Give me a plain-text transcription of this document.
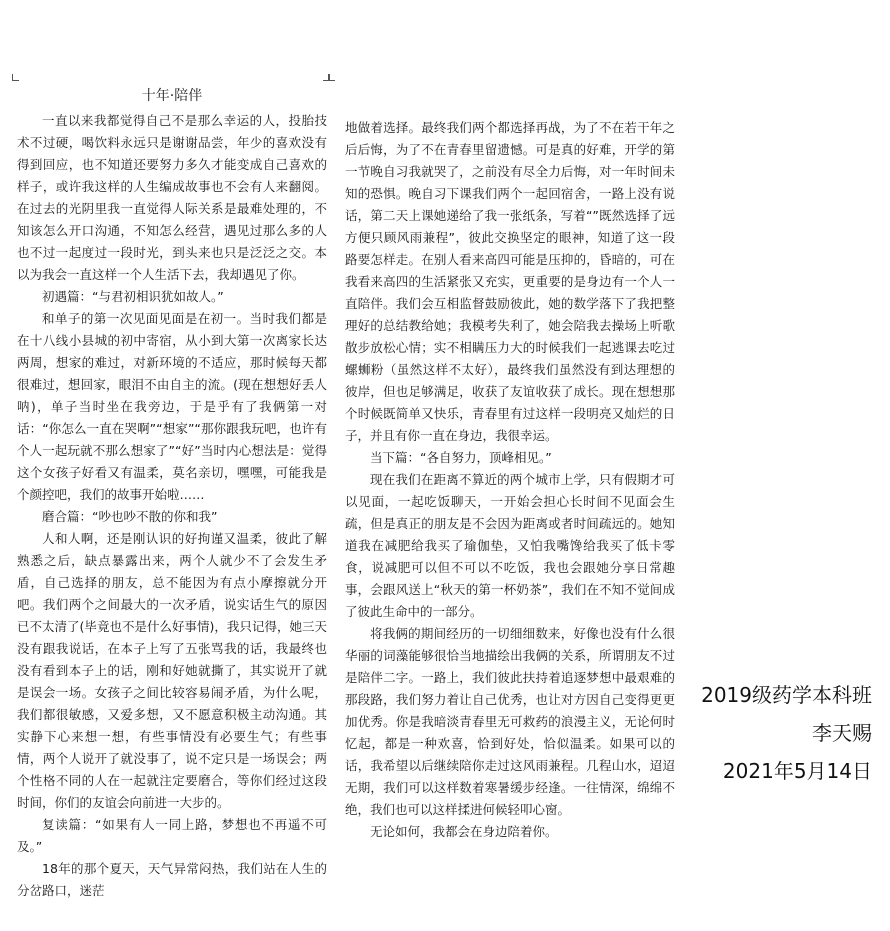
十年·陪伴

一直以来我都觉得自己不是那么幸运的人，投胎技术不过硬，喝饮料永远只是谢谢品尝，年少的喜欢没有得到回应，也不知道还要努力多久才能变成自己喜欢的样子，或许我这样的人生编成故事也不会有人来翻阅。在过去的光阴里我一直觉得人际关系是最难处理的，不知该怎么开口沟通，不知怎么经营，遇见过那么多的人也不过一起度过一段时光，到头来也只是泛泛之交。本以为我会一直这样一个人生活下去，我却遇见了你。

初遇篇：“与君初相识犹如故人。”

和单子的第一次见面见面是在初一。当时我们都是在十八线小县城的初中寄宿，从小到大第一次离家长达两周，想家的难过，对新环境的不适应，那时候每天都很难过，想回家，眼泪不由自主的流。(现在想想好丢人呐)，单子当时坐在我旁边，于是乎有了我俩第一对话：“你怎么一直在哭啊”“想家”“那你跟我玩吧，也许有个人一起玩就不那么想家了”“好”当时内心想法是：觉得这个女孩子好看又有温柔，莫名亲切，嘿嘿，可能我是个颜控吧，我们的故事开始啦……

磨合篇：“吵也吵不散的你和我”

人和人啊，还是刚认识的好拘谨又温柔，彼此了解熟悉之后，缺点暴露出来，两个人就少不了会发生矛盾，自己选择的朋友，总不能因为有点小摩擦就分开吧。我们两个之间最大的一次矛盾，说实话生气的原因已不太清了(毕竟也不是什么好事情)，我只记得，她三天没有跟我说话，在本子上写了五张骂我的话，我最终也没有看到本子上的话，刚和好她就撕了，其实说开了就是误会一场。女孩子之间比较容易闹矛盾，为什么呢，我们都很敏感，又爱多想，又不愿意积极主动沟通。其实静下心来想一想，有些事情没有必要生气；有些事情，两个人说开了就没事了，说不定只是一场误会；两个性格不同的人在一起就注定要磨合，等你们经过这段时间，你们的友谊会向前进一大步的。

复读篇：“如果有人一同上路，梦想也不再遥不可及。”

18年的那个夏天，天气异常闷热，我们站在人生的分岔路口，迷茫

地做着选择。最终我们两个都选择再战，为了不在若干年之后后悔，为了不在青春里留遗憾。可是真的好难，开学的第一节晚自习我就哭了，之前没有尽全力后悔，对一年时间未知的恐惧。晚自习下课我们两个一起回宿舍，一路上没有说话，第二天上课她递给了我一张纸条，写着“”既然选择了远方便只顾风雨兼程”，彼此交换坚定的眼神，知道了这一段路要怎样走。在别人看来高四可能是压抑的，昏暗的，可在我看来高四的生活紧张又充实，更重要的是身边有一个人一直陪伴。我们会互相监督鼓励彼此，她的数学落下了我把整理好的总结教给她；我模考失利了，她会陪我去操场上听歌散步放松心情；实不相瞒压力大的时候我们一起逃课去吃过螺蛳粉（虽然这样不太好），最终我们虽然没有到达理想的彼岸，但也足够满足，收获了友谊收获了成长。现在想想那个时候既简单又快乐，青春里有过这样一段明亮又灿烂的日子，并且有你一直在身边，我很幸运。

当下篇：“各自努力，顶峰相见。”

现在我们在距离不算近的两个城市上学，只有假期才可以见面，一起吃饭聊天，一开始会担心长时间不见面会生疏，但是真正的朋友是不会因为距离或者时间疏远的。她知道我在减肥给我买了瑜伽垫，又怕我嘴馋给我买了低卡零食，说减肥可以但不可以不吃饭，我也会跟她分享日常趣事，会跟风送上“秋天的第一杯奶茶”，我们在不知不觉间成了彼此生命中的一部分。

将我俩的期间经历的一切细细数来，好像也没有什么很华丽的词藻能够很恰当地描绘出我俩的关系，所谓朋友不过是陪伴二字。一路上，我们彼此扶持着追逐梦想中最艰难的那段路，我们努力着让自己优秀，也让对方因自己变得更更加优秀。你是我暗淡青春里无可救药的浪漫主义，无论何时忆起，都是一种欢喜，恰到好处，恰似温柔。如果可以的话，我希望以后继续陪你走过这风雨兼程。几程山水，迢迢无期，我们可以这样数着寒暑缓步经逢。一往情深，绵绵不绝，我们也可以这样揉进何候轻叩心窗。

无论如何，我都会在身边陪着你。

2019级药学本科班
李天赐
2021年5月14日
